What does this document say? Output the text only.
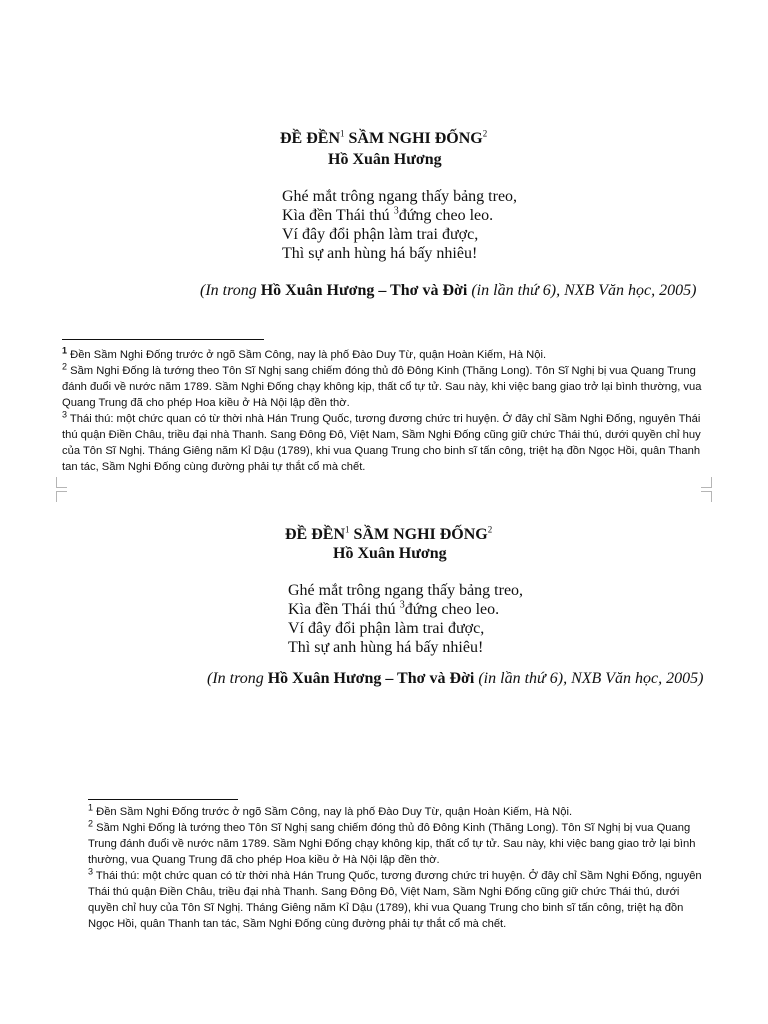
ĐỀ ĐỀN$^1$ SẦM NGHI ĐỐNG$^2$
Hồ Xuân Hương
Ghé mắt trông ngang thấy bảng treo,
Kìa đền Thái thú $^3$đứng cheo leo.
Ví đây đổi phận làm trai được,
Thì sự anh hùng há bấy nhiêu!
(In trong Hồ Xuân Hương – Thơ và Đời (in lần thứ 6), NXB Văn học, 2005)

$^1$ Đền Sầm Nghi Đống trước ở ngõ Sầm Công, nay là phố Đào Duy Từ, quận Hoàn Kiếm, Hà Nội.

$^2$ Sầm Nghi Đống là tướng theo Tôn Sĩ Nghị sang chiếm đóng thủ đô Đông Kinh (Thăng Long). Tôn Sĩ Nghị bị vua Quang Trung đánh đuổi về nước năm 1789. Sầm Nghi Đống chạy không kịp, thất cổ tự tử. Sau này, khi việc bang giao trở lại bình thường, vua Quang Trung đã cho phép Hoa kiều ở Hà Nội lập đền thờ.

$^3$ Thái thú: một chức quan có từ thời nhà Hán Trung Quốc, tương đương chức tri huyện. Ở đây chỉ Sầm Nghi Đống, nguyên Thái thú quận Điền Châu, triều đại nhà Thanh. Sang Đông Đô, Việt Nam, Sầm Nghi Đống cũng giữ chức Thái thú, dưới quyền chỉ huy của Tôn Sĩ Nghị. Tháng Giêng năm Kỉ Dậu (1789), khi vua Quang Trung cho binh sĩ tấn công, triệt hạ đồn Ngọc Hồi, quân Thanh tan tác, Sầm Nghi Đống cùng đường phải tự thắt cổ mà chết.

ĐỀ ĐỀN$^1$ SẦM NGHI ĐỐNG$^2$
Hồ Xuân Hương
Ghé mắt trông ngang thấy bảng treo,
Kìa đền Thái thú $^3$đứng cheo leo.
Ví đây đổi phận làm trai được,
Thì sự anh hùng há bấy nhiêu!
(In trong Hồ Xuân Hương – Thơ và Đời (in lần thứ 6), NXB Văn học, 2005)

$^1$ Đền Sầm Nghi Đống trước ở ngõ Sầm Công, nay là phố Đào Duy Từ, quận Hoàn Kiếm, Hà Nội.

$^2$ Sầm Nghi Đống là tướng theo Tôn Sĩ Nghị sang chiếm đóng thủ đô Đông Kinh (Thăng Long). Tôn Sĩ Nghị bị vua Quang Trung đánh đuổi về nước năm 1789. Sầm Nghi Đống chạy không kịp, thất cổ tự tử. Sau này, khi việc bang giao trở lại bình thường, vua Quang Trung đã cho phép Hoa kiều ở Hà Nội lập đền thờ.

$^3$ Thái thú: một chức quan có từ thời nhà Hán Trung Quốc, tương đương chức tri huyện. Ở đây chỉ Sầm Nghi Đống, nguyên Thái thú quận Điền Châu, triều đại nhà Thanh. Sang Đông Đô, Việt Nam, Sầm Nghi Đống cũng giữ chức Thái thú, dưới quyền chỉ huy của Tôn Sĩ Nghị. Tháng Giêng năm Kỉ Dậu (1789), khi vua Quang Trung cho binh sĩ tấn công, triệt hạ đồn Ngọc Hồi, quân Thanh tan tác, Sầm Nghi Đống cùng đường phải tự thắt cổ mà chết.
